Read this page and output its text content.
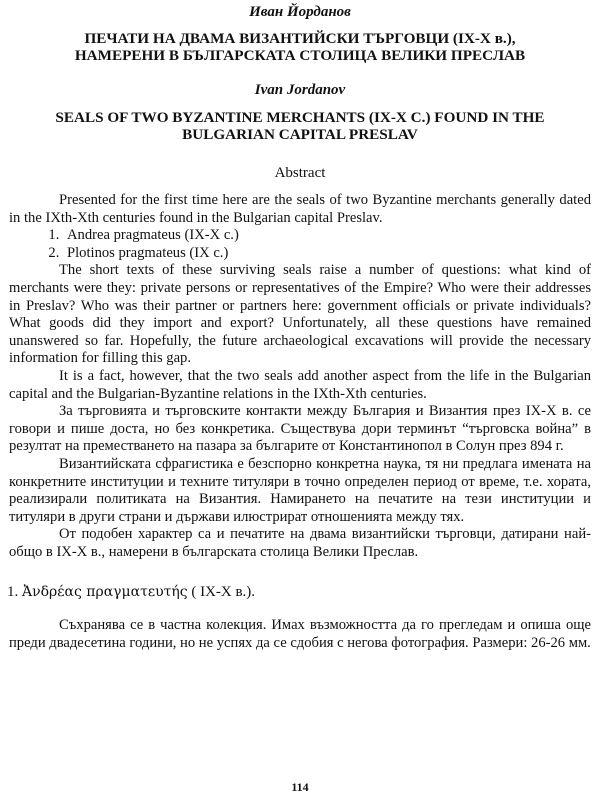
Иван Йорданов
ПЕЧАТИ НА ДВАМА ВИЗАНТИЙСКИ ТЪРГОВЦИ (IX-X в.),
НАМЕРЕНИ В БЪЛГАРСКАТА СТОЛИЦА ВЕЛИКИ ПРЕСЛАВ
Ivan Jordanov
SEALS OF TWO BYZANTINE MERCHANTS (IX-X C.) FOUND IN THE
BULGARIAN CAPITAL PRESLAV
Abstract

Presented for the first time here are the seals of two Byzantine merchants generally dated in the IXth-Xth centuries found in the Bulgarian capital Preslav.

1. Andrea pragmateus (IX-X c.)
2. Plotinos pragmateus (IX c.)

The short texts of these surviving seals raise a number of questions: what kind of merchants were they: private persons or representatives of the Empire? Who were their addresses in Preslav? Who was their partner or partners here: government officials or private individuals? What goods did they import and export? Unfortunately, all these questions have remained unanswered so far. Hopefully, the future archaeological excavations will provide the necessary information for filling this gap.

It is a fact, however, that the two seals add another aspect from the life in the Bulgarian capital and the Bulgarian-Byzantine relations in the IXth-Xth centuries.

За търговията и търговските контакти между България и Византия през IX-X в. се говори и пише доста, но без конкретика. Съществува дори терминът “търговска война” в резултат на преместването на пазара за българите от Константинопол в Солун през 894 г.

Византийската сфрагистика е безспорно конкретна наука, тя ни предлага имената на конкретните институции и техните титуляри в точно определен период от време, т.е. хората, реализирали политиката на Византия. Намирането на печатите на тези институции и титуляри в други страни и държави илюстрират отношенията между тях.

От подобен характер са и печатите на двама византийски търговци, датирани най-общо в IX-X в., намерени в българската столица Велики Преслав.

1. Ἀνδρέας πραγματευτής ( IX-X в.).

Съхранява се в частна колекция. Имах възможността да го прегледам и опиша още преди двадесетина години, но не успях да се сдобия с негова фотография. Размери: 26-26 мм.

114
